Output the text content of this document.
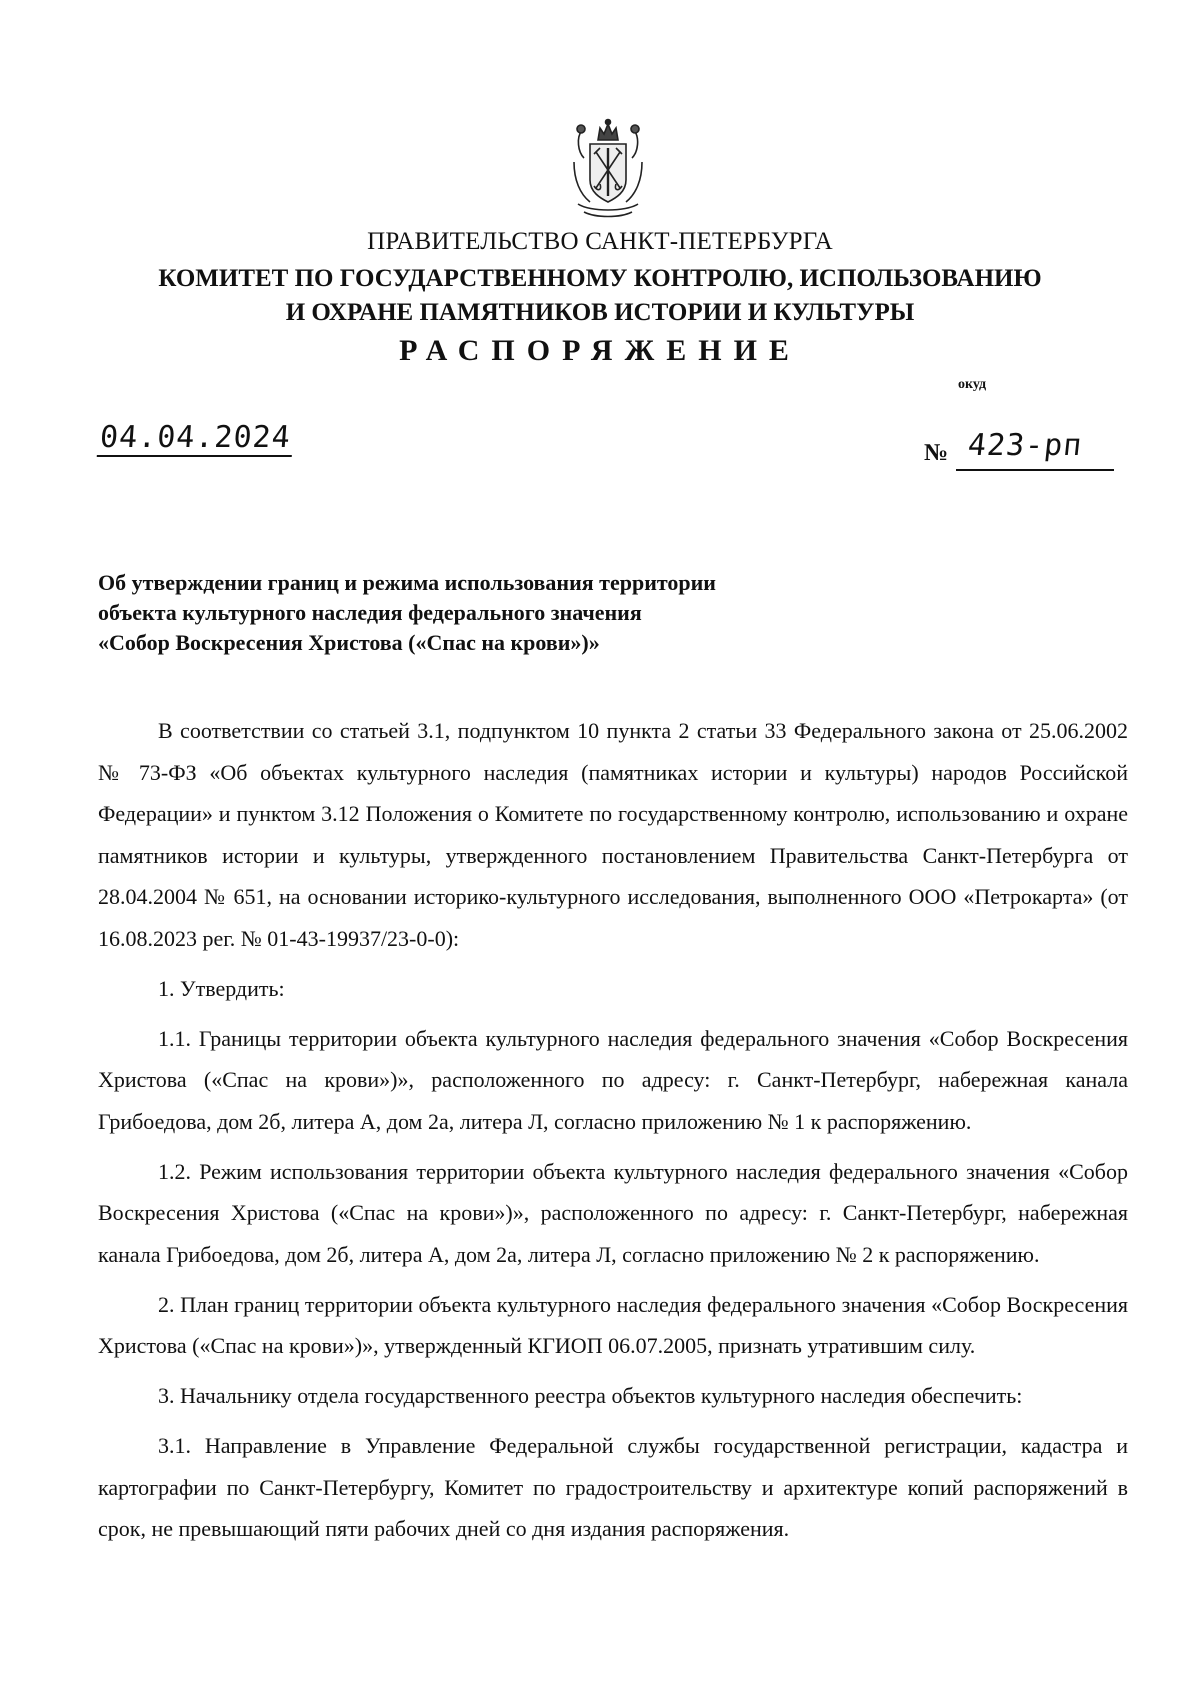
ПРАВИТЕЛЬСТВО САНКТ-ПЕТЕРБУРГА
КОМИТЕТ ПО ГОСУДАРСТВЕННОМУ КОНТРОЛЮ, ИСПОЛЬЗОВАНИЮ
И ОХРАНЕ ПАМЯТНИКОВ ИСТОРИИ И КУЛЬТУРЫ
РАСПОРЯЖЕНИЕ
окуд
04.04.2024	№ 423-рп
Об утверждении границ и режима использования территории
объекта культурного наследия федерального значения
«Собор Воскресения Христова («Спас на крови»)»

В соответствии со статьей 3.1, подпунктом 10 пункта 2 статьи 33 Федерального закона от 25.06.2002 № 73-ФЗ «Об объектах культурного наследия (памятниках истории и культуры) народов Российской Федерации» и пунктом 3.12 Положения о Комитете по государственному контролю, использованию и охране памятников истории и культуры, утвержденного постановлением Правительства Санкт-Петербурга от 28.04.2004 № 651, на основании историко-культурного исследования, выполненного ООО «Петрокарта» (от 16.08.2023 рег. № 01-43-19937/23-0-0):

1. Утвердить:

1.1. Границы территории объекта культурного наследия федерального значения «Собор Воскресения Христова («Спас на крови»)», расположенного по адресу: г. Санкт-Петербург, набережная канала Грибоедова, дом 2б, литера А, дом 2а, литера Л, согласно приложению № 1 к распоряжению.

1.2. Режим использования территории объекта культурного наследия федерального значения «Собор Воскресения Христова («Спас на крови»)», расположенного по адресу: г. Санкт-Петербург, набережная канала Грибоедова, дом 2б, литера А, дом 2а, литера Л, согласно приложению № 2 к распоряжению.

2. План границ территории объекта культурного наследия федерального значения «Собор Воскресения Христова («Спас на крови»)», утвержденный КГИОП 06.07.2005, признать утратившим силу.

3. Начальнику отдела государственного реестра объектов культурного наследия обеспечить:

3.1. Направление в Управление Федеральной службы государственной регистрации, кадастра и картографии по Санкт-Петербургу, Комитет по градостроительству и архитектуре копий распоряжений в срок, не превышающий пяти рабочих дней со дня издания распоряжения.
